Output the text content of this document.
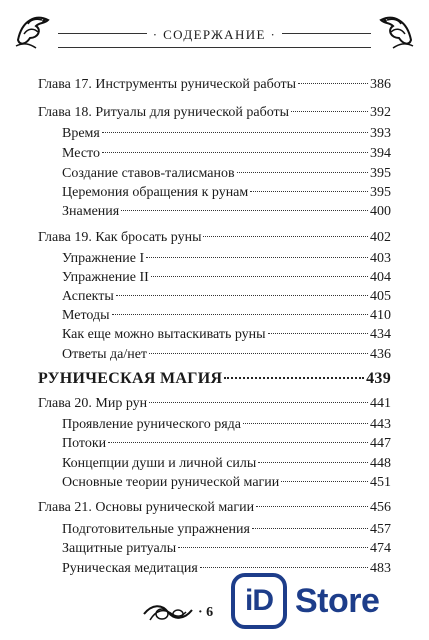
· СОДЕРЖАНИЕ ·
Глава 17. Инструменты рунической работы	386
Глава 18. Ритуалы для рунической работы	392
Время	393
Место	394
Создание ставов-талисманов	395
Церемония обращения к рунам	395
Знамения	400
Глава 19. Как бросать руны	402
Упражнение I	403
Упражнение II	404
Аспекты	405
Методы	410
Как еще можно вытаскивать руны	434
Ответы да/нет	436
РУНИЧЕСКАЯ МАГИЯ	439
Глава 20. Мир рун	441
Проявление рунического ряда	443
Потоки	447
Концепции души и личной силы	448
Основные теории рунической магии	451
Глава 21. Основы рунической магии	456
Подготовительные упражнения	457
Защитные ритуалы	474
Руническая медитация	483
· 6	iD Store
